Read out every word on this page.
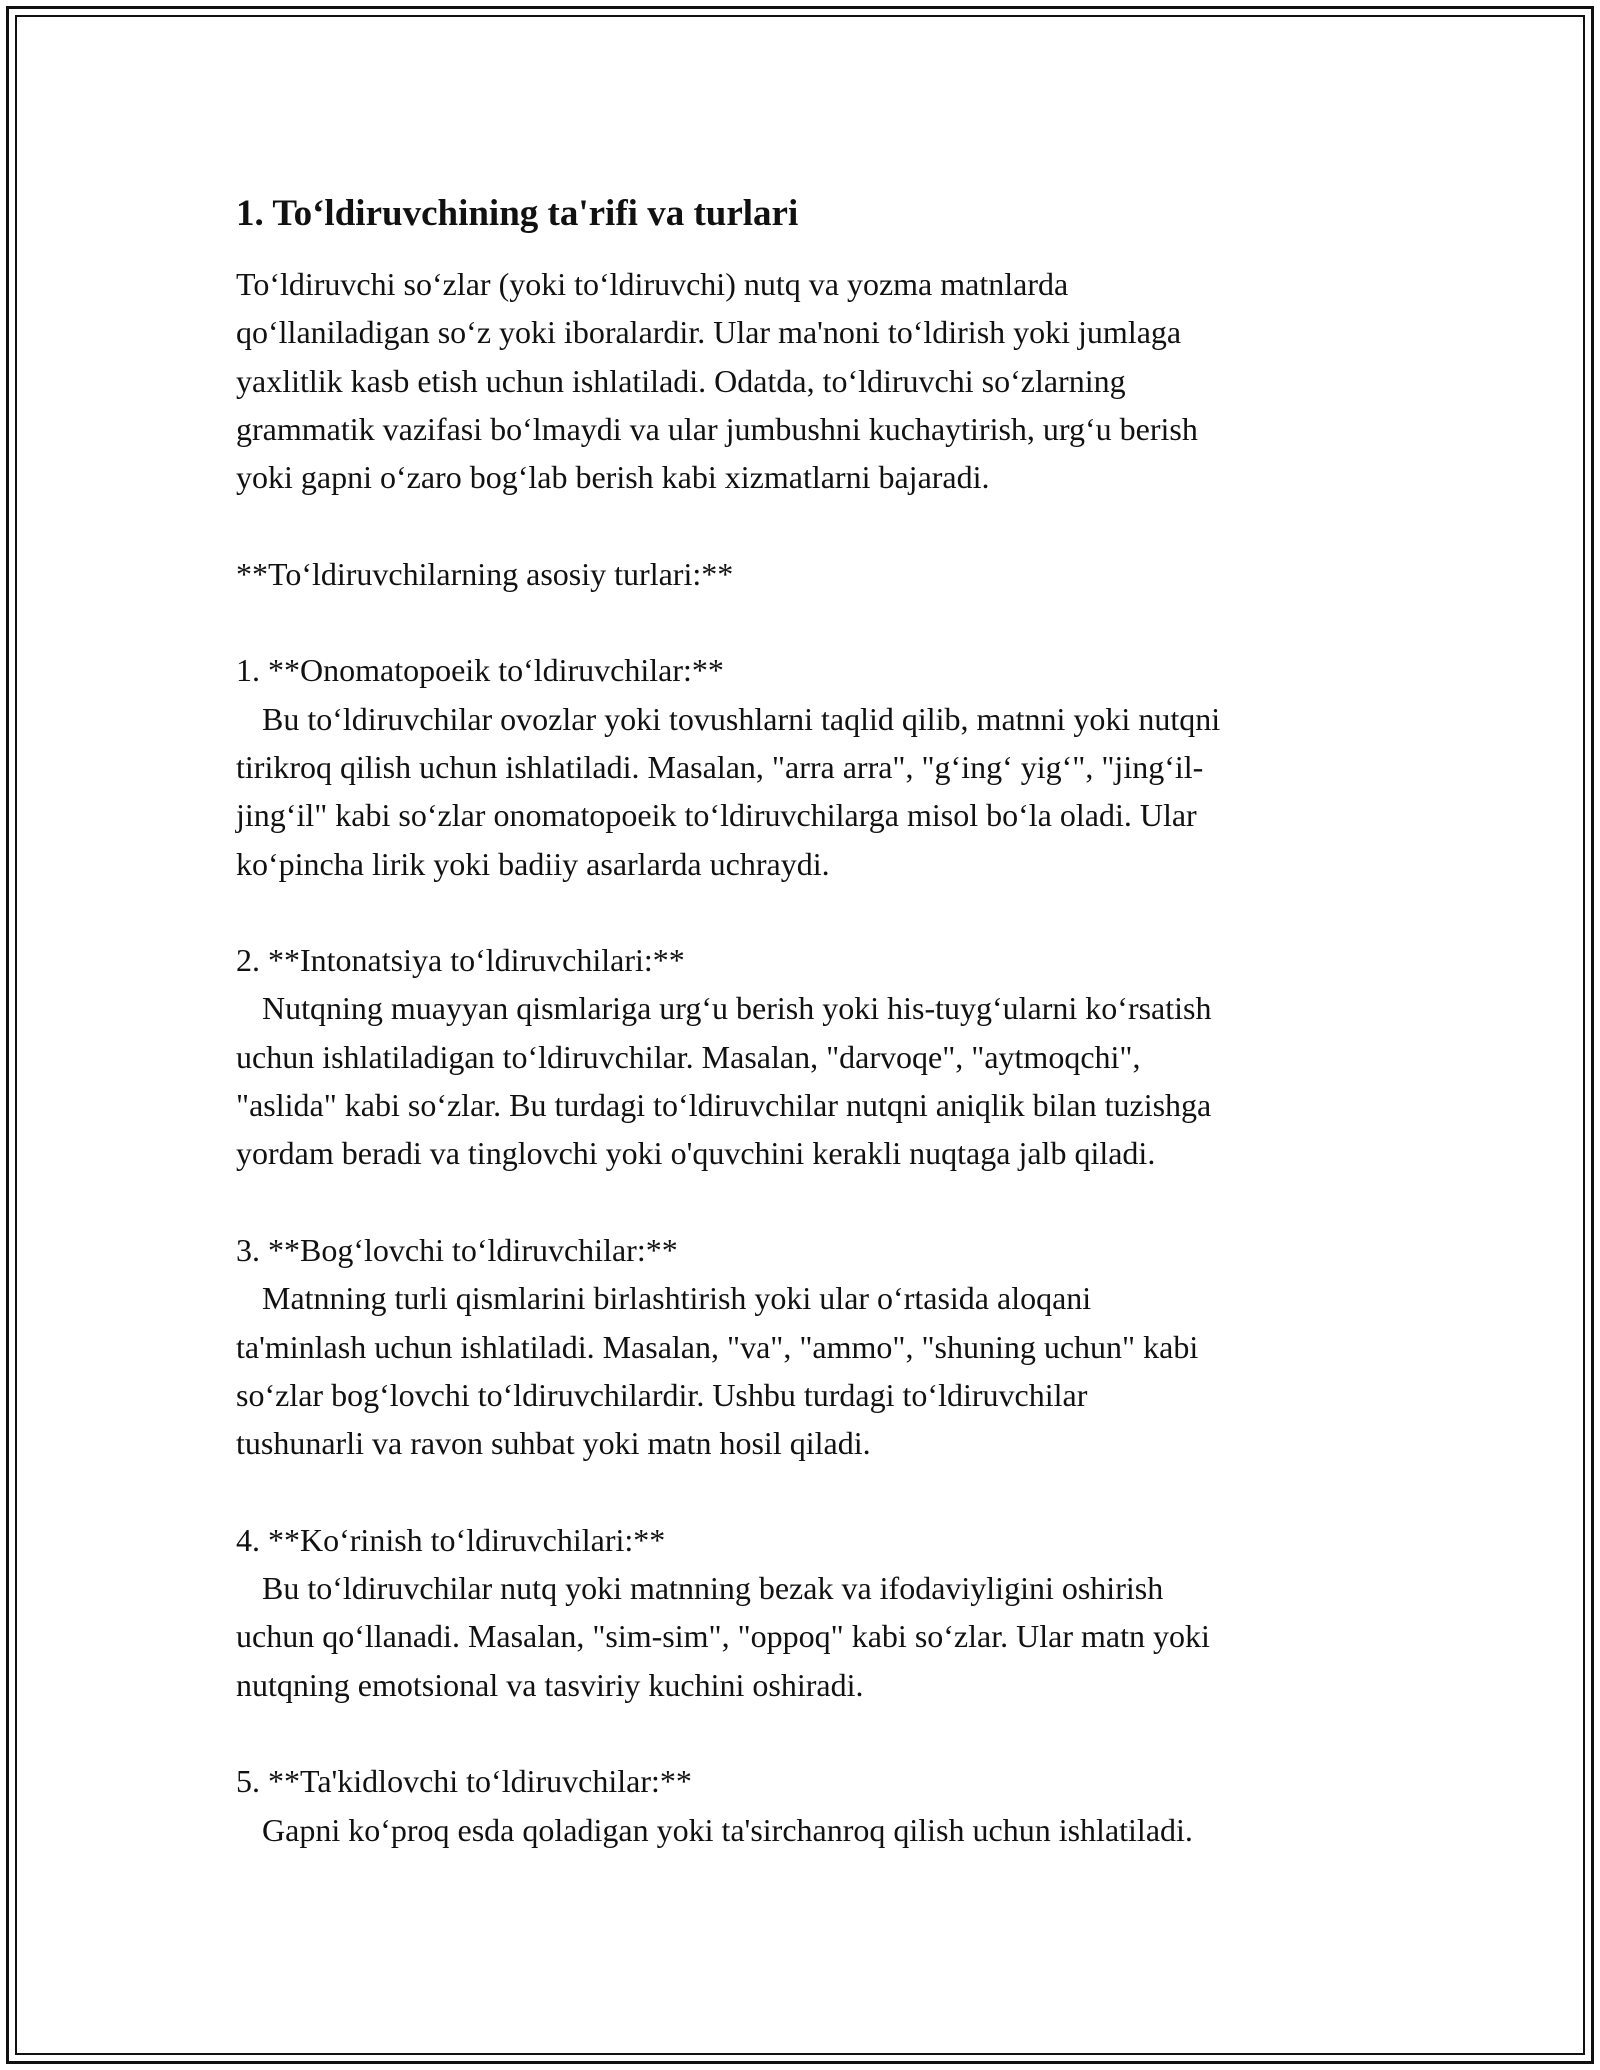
1. To‘ldiruvchining ta'rifi va turlari

To‘ldiruvchi so‘zlar (yoki to‘ldiruvchi) nutq va yozma matnlarda

qo‘llaniladigan so‘z yoki iboralardir. Ular ma'noni to‘ldirish yoki jumlaga

yaxlitlik kasb etish uchun ishlatiladi. Odatda, to‘ldiruvchi so‘zlarning

grammatik vazifasi bo‘lmaydi va ular jumbushni kuchaytirish, urg‘u berish

yoki gapni o‘zaro bog‘lab berish kabi xizmatlarni bajaradi.

**To‘ldiruvchilarning asosiy turlari:**

1. **Onomatopoeik to‘ldiruvchilar:**

Bu to‘ldiruvchilar ovozlar yoki tovushlarni taqlid qilib, matnni yoki nutqni

tirikroq qilish uchun ishlatiladi. Masalan, "arra arra", "g‘ing‘ yig‘", "jing‘il-

jing‘il" kabi so‘zlar onomatopoeik to‘ldiruvchilarga misol bo‘la oladi. Ular

ko‘pincha lirik yoki badiiy asarlarda uchraydi.

2. **Intonatsiya to‘ldiruvchilari:**

Nutqning muayyan qismlariga urg‘u berish yoki his-tuyg‘ularni ko‘rsatish

uchun ishlatiladigan to‘ldiruvchilar. Masalan, "darvoqe", "aytmoqchi",

"aslida" kabi so‘zlar. Bu turdagi to‘ldiruvchilar nutqni aniqlik bilan tuzishga

yordam beradi va tinglovchi yoki o'quvchini kerakli nuqtaga jalb qiladi.

3. **Bog‘lovchi to‘ldiruvchilar:**

Matnning turli qismlarini birlashtirish yoki ular o‘rtasida aloqani

ta'minlash uchun ishlatiladi. Masalan, "va", "ammo", "shuning uchun" kabi

so‘zlar bog‘lovchi to‘ldiruvchilardir. Ushbu turdagi to‘ldiruvchilar

tushunarli va ravon suhbat yoki matn hosil qiladi.

4. **Ko‘rinish to‘ldiruvchilari:**

Bu to‘ldiruvchilar nutq yoki matnning bezak va ifodaviyligini oshirish

uchun qo‘llanadi. Masalan, "sim-sim", "oppoq" kabi so‘zlar. Ular matn yoki

nutqning emotsional va tasviriy kuchini oshiradi.

5. **Ta'kidlovchi to‘ldiruvchilar:**

Gapni ko‘proq esda qoladigan yoki ta'sirchanroq qilish uchun ishlatiladi.
